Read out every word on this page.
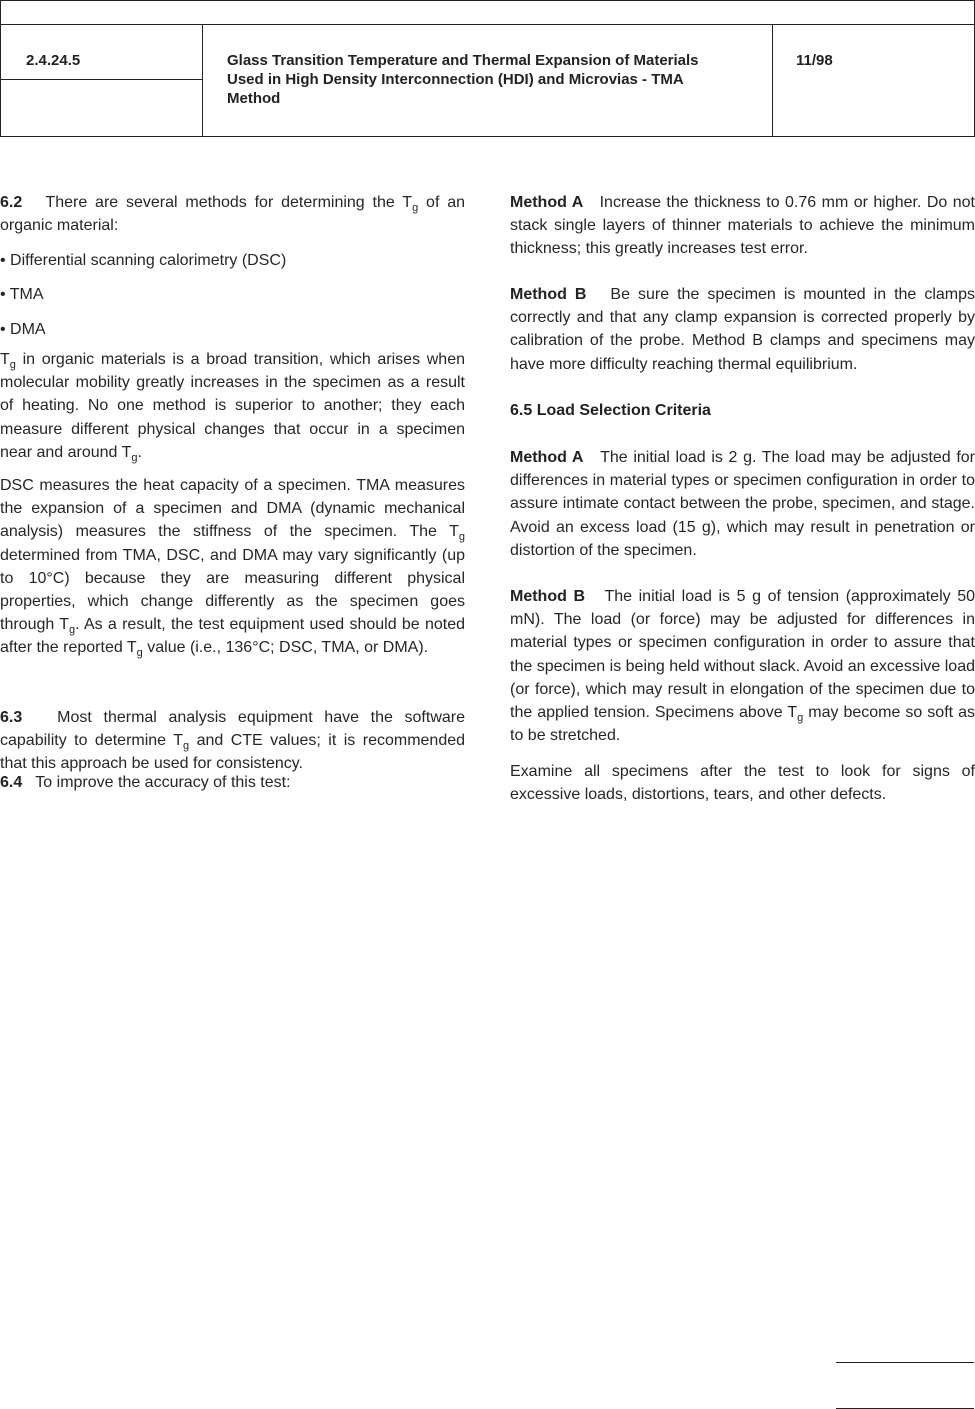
2.4.24.5	Glass Transition Temperature and Thermal Expansion of Materials Used in High Density Interconnection (HDI) and Microvias - TMA Method
11/98
6.2   There are several methods for determining the $T_g$ of an organic material:
• Differential scanning calorimetry (DSC)
• TMA
• DMA
$T_g$ in organic materials is a broad transition, which arises when molecular mobility greatly increases in the specimen as a result of heating. No one method is superior to another; they each measure different physical changes that occur in a specimen near and around $T_g$.
DSC measures the heat capacity of a specimen. TMA measures the expansion of a specimen and DMA (dynamic mechanical analysis) measures the stiffness of the specimen. The $T_g$ determined from TMA, DSC, and DMA may vary significantly (up to 10°C) because they are measuring different physical properties, which change differently as the specimen goes through $T_g$. As a result, the test equipment used should be noted after the reported $T_g$ value (i.e., 136°C; DSC, TMA, or DMA).
6.3   Most thermal analysis equipment have the software capability to determine $T_g$ and CTE values; it is recommended that this approach be used for consistency.
6.4   To improve the accuracy of this test:
Method A   Increase the thickness to 0.76 mm or higher. Do not stack single layers of thinner materials to achieve the minimum thickness; this greatly increases test error.
Method B   Be sure the specimen is mounted in the clamps correctly and that any clamp expansion is corrected properly by calibration of the probe. Method B clamps and specimens may have more difficulty reaching thermal equilibrium.
6.5 Load Selection Criteria
Method A   The initial load is 2 g. The load may be adjusted for differences in material types or specimen configuration in order to assure intimate contact between the probe, specimen, and stage. Avoid an excess load (15 g), which may result in penetration or distortion of the specimen.
Method B   The initial load is 5 g of tension (approximately 50 mN). The load (or force) may be adjusted for differences in material types or specimen configuration in order to assure that the specimen is being held without slack. Avoid an excessive load (or force), which may result in elongation of the specimen due to the applied tension. Specimens above $T_g$ may become so soft as to be stretched.
Examine all specimens after the test to look for signs of excessive loads, distortions, tears, and other defects.
